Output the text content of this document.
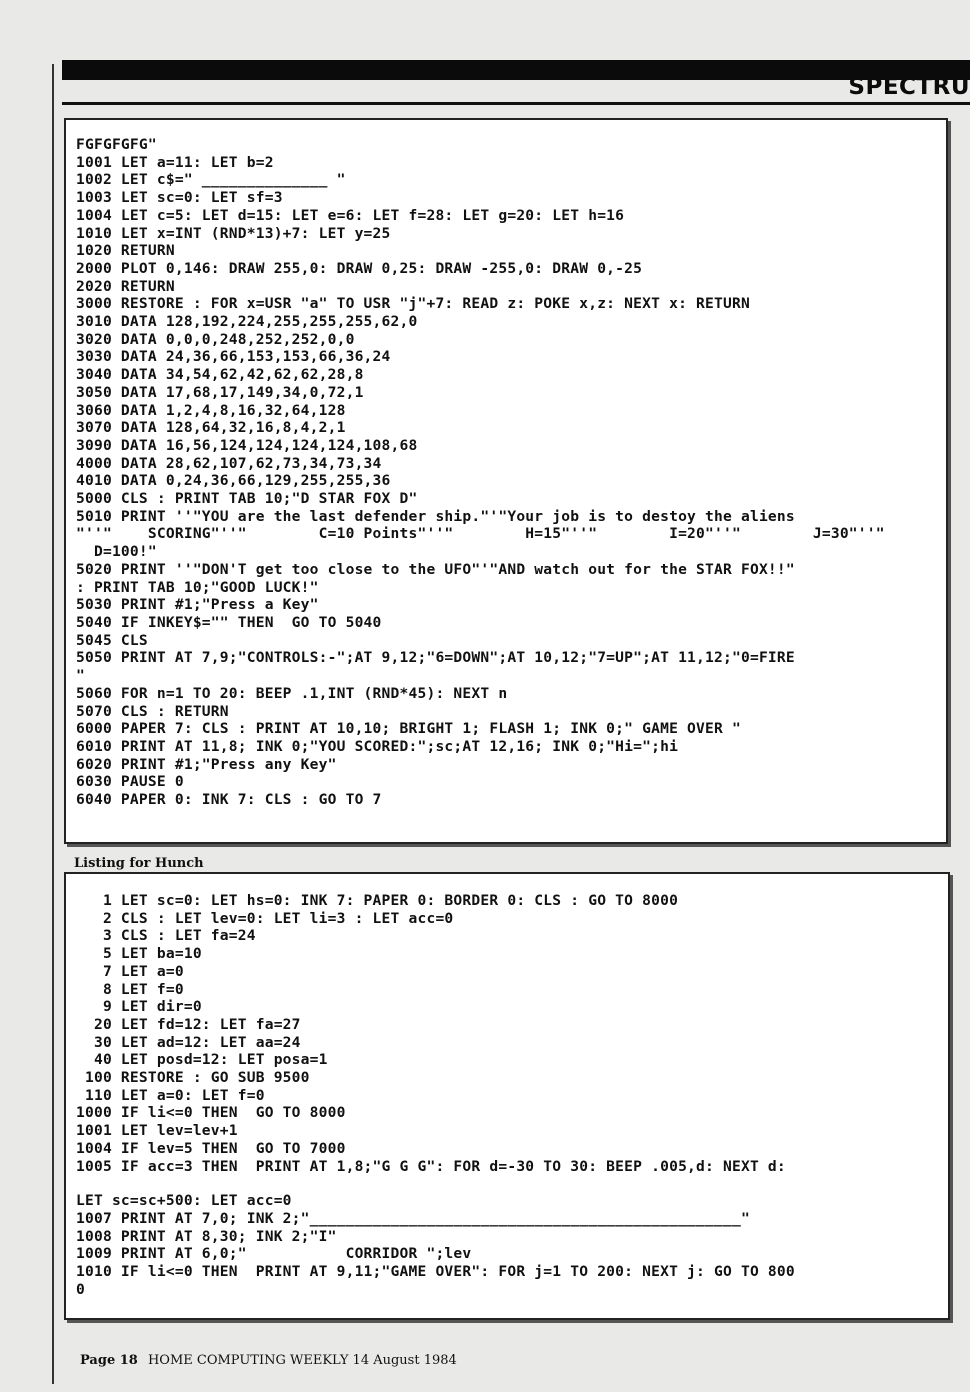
SPECTRU
FGFGFGFG"
1001 LET a=11: LET b=2
1002 LET c$=" ______________ "
1003 LET sc=0: LET sf=3
1004 LET c=5: LET d=15: LET e=6: LET f=28: LET g=20: LET h=16
1010 LET x=INT (RND*13)+7: LET y=25
1020 RETURN
2000 PLOT 0,146: DRAW 255,0: DRAW 0,25: DRAW -255,0: DRAW 0,-25
2020 RETURN
3000 RESTORE : FOR x=USR "a" TO USR "j"+7: READ z: POKE x,z: NEXT x: RETURN
3010 DATA 128,192,224,255,255,255,62,0
3020 DATA 0,0,0,248,252,252,0,0
3030 DATA 24,36,66,153,153,66,36,24
3040 DATA 34,54,62,42,62,62,28,8
3050 DATA 17,68,17,149,34,0,72,1
3060 DATA 1,2,4,8,16,32,64,128
3070 DATA 128,64,32,16,8,4,2,1
3090 DATA 16,56,124,124,124,124,108,68
4000 DATA 28,62,107,62,73,34,73,34
4010 DATA 0,24,36,66,129,255,255,36
5000 CLS : PRINT TAB 10;"D STAR FOX D"
5010 PRINT ''"YOU are the last defender ship."'"Your job is to destoy the aliens
"''"    SCORING"''"        C=10 Points"''"        H=15"''"        I=20"''"        J=30"''"
D=100!"
5020 PRINT ''"DON'T get too close to the UFO"'"AND watch out for the STAR FOX!!"
: PRINT TAB 10;"GOOD LUCK!"
5030 PRINT #1;"Press a Key"
5040 IF INKEY$="" THEN  GO TO 5040
5045 CLS
5050 PRINT AT 7,9;"CONTROLS:-";AT 9,12;"6=DOWN";AT 10,12;"7=UP";AT 11,12;"0=FIRE
"
5060 FOR n=1 TO 20: BEEP .1,INT (RND*45): NEXT n
5070 CLS : RETURN
6000 PAPER 7: CLS : PRINT AT 10,10; BRIGHT 1; FLASH 1; INK 0;" GAME OVER "
6010 PRINT AT 11,8; INK 0;"YOU SCORED:";sc;AT 12,16; INK 0;"Hi=";hi
6020 PRINT #1;"Press any Key"
6030 PAUSE 0
6040 PAPER 0: INK 7: CLS : GO TO 7
Listing for Hunch
1 LET sc=0: LET hs=0: INK 7: PAPER 0: BORDER 0: CLS : GO TO 8000
2 CLS : LET lev=0: LET li=3 : LET acc=0
3 CLS : LET fa=24
5 LET ba=10
7 LET a=0
8 LET f=0
9 LET dir=0
20 LET fd=12: LET fa=27
30 LET ad=12: LET aa=24
40 LET posd=12: LET posa=1
100 RESTORE : GO SUB 9500
110 LET a=0: LET f=0
1000 IF li<=0 THEN  GO TO 8000
1001 LET lev=lev+1
1004 IF lev=5 THEN  GO TO 7000
1005 IF acc=3 THEN  PRINT AT 1,8;"G G G": FOR d=-30 TO 30: BEEP .005,d: NEXT d:
LET sc=sc+500: LET acc=0
1007 PRINT AT 7,0; INK 2;"________________________________________________"
1008 PRINT AT 8,30; INK 2;"I"
1009 PRINT AT 6,0;"           CORRIDOR ";lev
1010 IF li<=0 THEN  PRINT AT 9,11;"GAME OVER": FOR j=1 TO 200: NEXT j: GO TO 800
0
Page 18 HOME COMPUTING WEEKLY 14 August 1984
